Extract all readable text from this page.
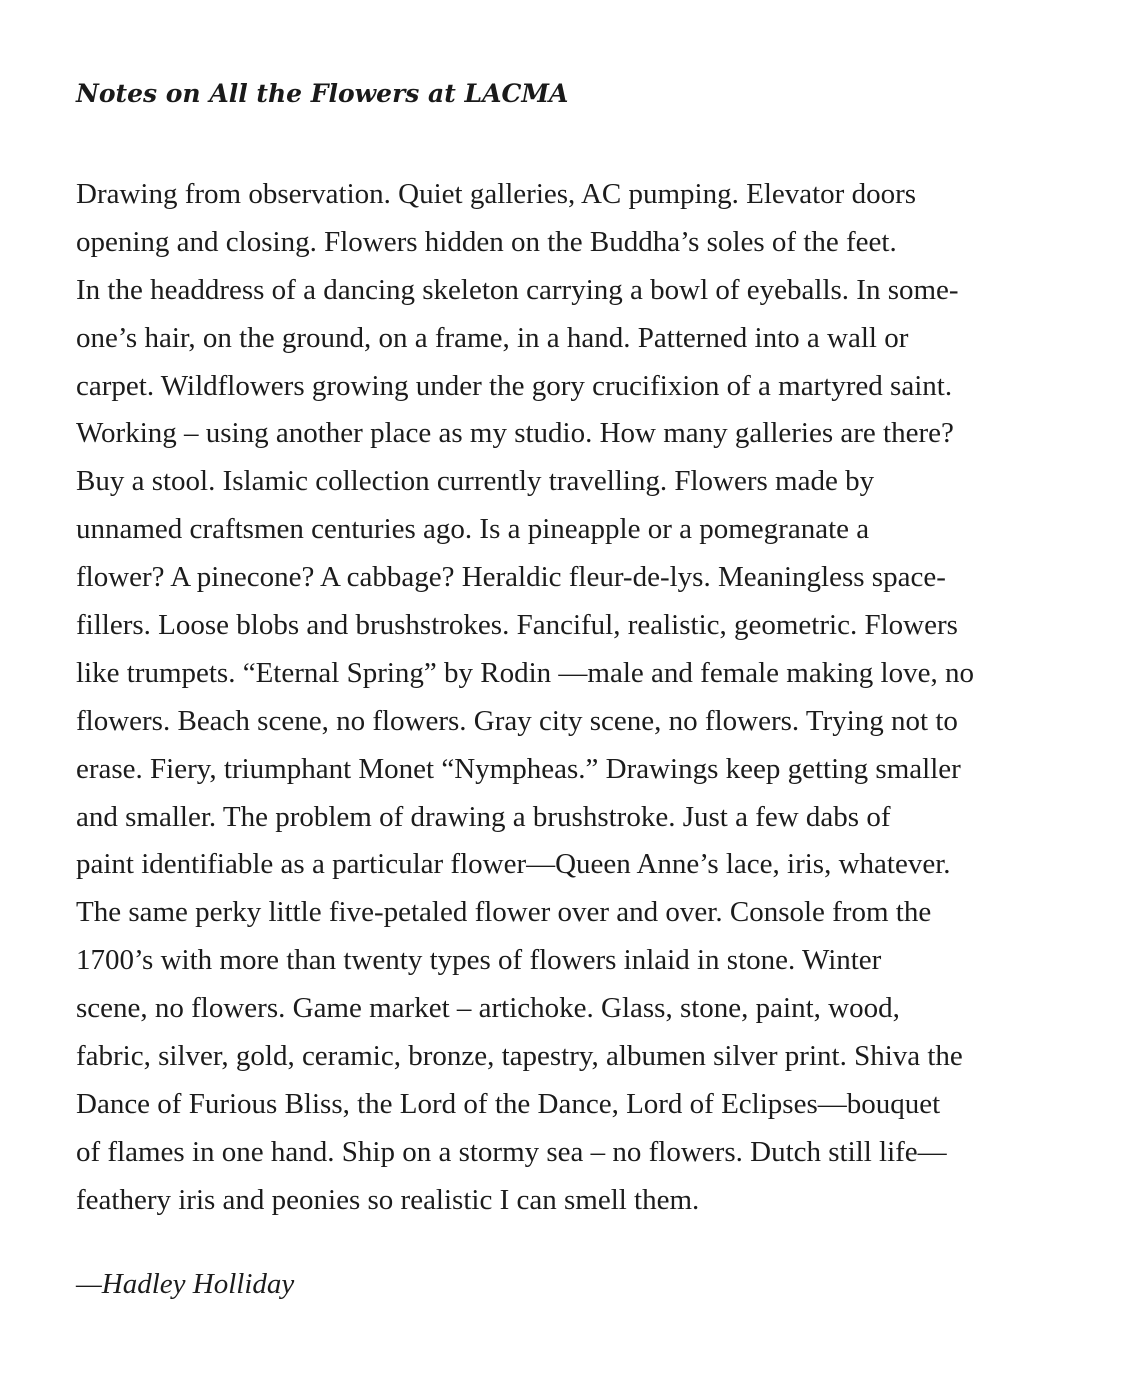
Notes on All the Flowers at LACMA
Drawing from observation. Quiet galleries, AC pumping. Elevator doors
opening and closing. Flowers hidden on the Buddha’s soles of the feet.
In the headdress of a dancing skeleton carrying a bowl of eyeballs. In some-
one’s hair, on the ground, on a frame, in a hand. Patterned into a wall or
carpet. Wildflowers growing under the gory crucifixion of a martyred saint.
Working – using another place as my studio. How many galleries are there?
Buy a stool. Islamic collection currently travelling. Flowers made by
unnamed craftsmen centuries ago. Is a pineapple or a pomegranate a
flower? A pinecone? A cabbage? Heraldic fleur-de-lys. Meaningless space-
fillers. Loose blobs and brushstrokes. Fanciful, realistic, geometric. Flowers
like trumpets. “Eternal Spring” by Rodin —male and female making love, no
flowers. Beach scene, no flowers. Gray city scene, no flowers. Trying not to
erase. Fiery, triumphant Monet “Nympheas.” Drawings keep getting smaller
and smaller. The problem of drawing a brushstroke. Just a few dabs of
paint identifiable as a particular flower—Queen Anne’s lace, iris, whatever.
The same perky little five-petaled flower over and over. Console from the
1700’s with more than twenty types of flowers inlaid in stone. Winter
scene, no flowers. Game market – artichoke. Glass, stone, paint, wood,
fabric, silver, gold, ceramic, bronze, tapestry, albumen silver print. Shiva the
Dance of Furious Bliss, the Lord of the Dance, Lord of Eclipses—bouquet
of flames in one hand. Ship on a stormy sea – no flowers. Dutch still life—
feathery iris and peonies so realistic I can smell them.

—Hadley Holliday
